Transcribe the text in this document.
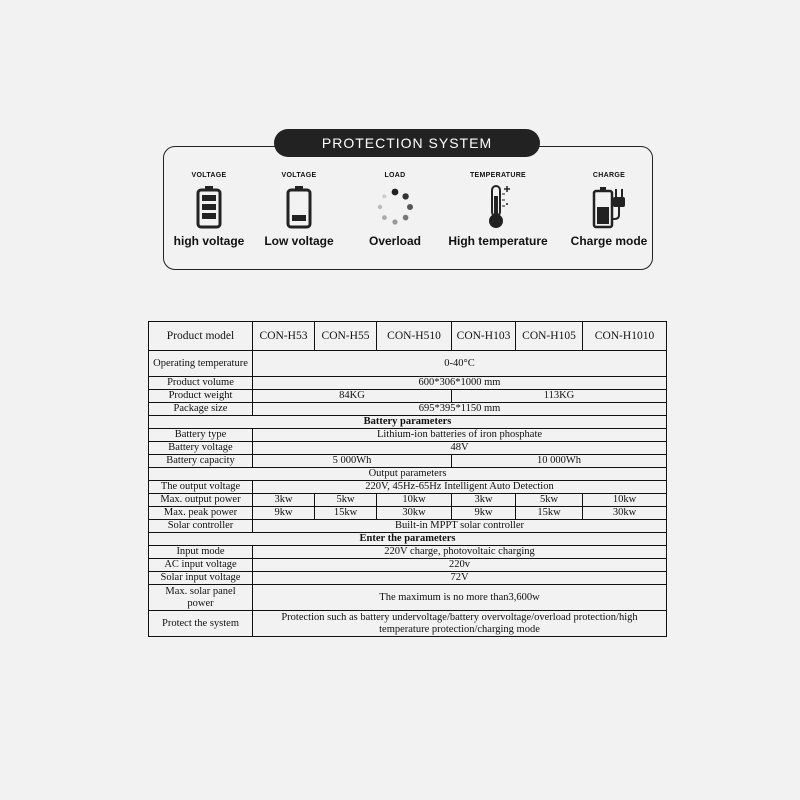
PROTECTION SYSTEM
VOLTAGE
high voltage
VOLTAGE
Low voltage
LOAD
Overload
TEMPERATURE
High temperature
CHARGE
Charge mode
Product model	CON-H53	CON-H55	CON-H510	CON-H103	CON-H105	CON-H1010
Operating temperature	0-40°C					
Product volume	600*306*1000 mm					
Product weight	84KG			113KG		
Package size	695*395*1150 mm					
Battery parameters						
Battery type	Lithium-ion batteries of iron phosphate					
Battery voltage	48V					
Battery capacity	5 000Wh			10 000Wh		
Output parameters						
The output voltage	220V, 45Hz-65Hz Intelligent Auto Detection					
Max. output power	3kw	5kw	10kw	3kw	5kw	10kw
Max. peak power	9kw	15kw	30kw	9kw	15kw	30kw
Solar controller	Built-in MPPT solar controller					
Enter the parameters						
Input mode	220V charge, photovoltaic charging					
AC input voltage	220v					
Solar input voltage	72V					
Max. solar panel power	The maximum is no more than3,600w					
Protect the system	Protection such as battery undervoltage/battery overvoltage/overload protection/high temperature protection/charging mode					
